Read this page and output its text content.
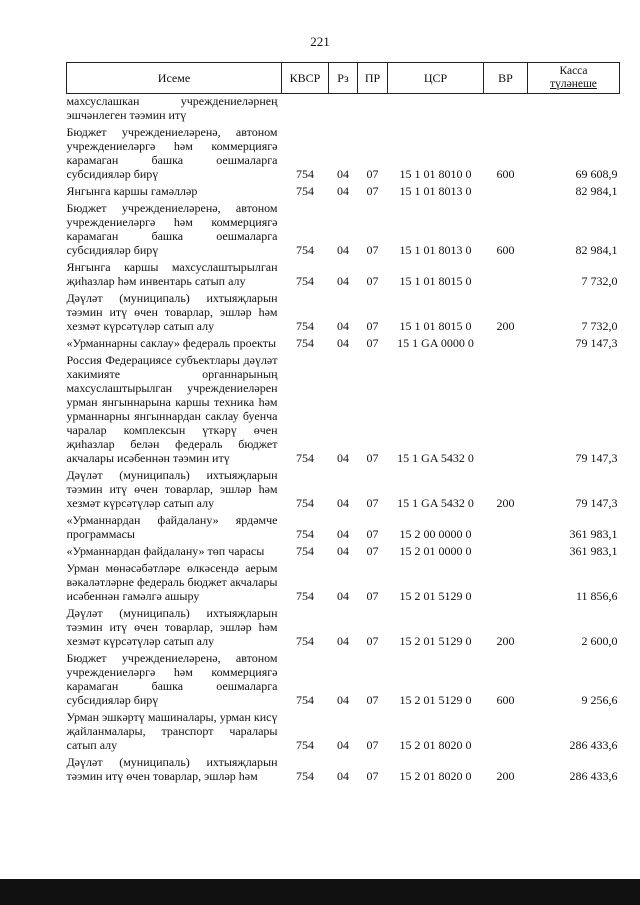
221
Исеме	КВСР	Рз	ПР	ЦСР	ВР	Касса
түләнеше

махсуслашкан учреждениеләрнең эшчәнлеген тәэмин итү						
Бюджет учреждениеләренә, автоном учреждениеләргә һәм коммерциягә карамаган башка оешмаларга субсидияләр бирү	754	04	07	15 1 01 8010 0	600	69 608,9
Янгынга каршы гамәлләр	754	04	07	15 1 01 8013 0		82 984,1
Бюджет учреждениеләренә, автоном учреждениеләргә һәм коммерциягә карамаган башка оешмаларга субсидияләр бирү	754	04	07	15 1 01 8013 0	600	82 984,1
Янгынга каршы махсуслаштырылган җиһазлар һәм инвентарь сатып алу	754	04	07	15 1 01 8015 0		7 732,0
Дәүләт (муниципаль) ихтыяҗларын тәэмин итү өчен товарлар, эшләр һәм хезмәт күрсәтүләр сатып алу	754	04	07	15 1 01 8015 0	200	7 732,0
«Урманнарны саклау» федераль проекты	754	04	07	15 1 GA 0000 0		79 147,3
Россия Федерациясе субъектлары дәүләт хакимияте органнарының махсуслаштырылган учреждениеләрен урман янгыннарына каршы техника һәм урманнарны янгыннардан саклау буенча чаралар комплексын үткәрү өчен җиһазлар белән федераль бюджет акчалары исәбеннән тәэмин итү	754	04	07	15 1 GA 5432 0		79 147,3
Дәүләт (муниципаль) ихтыяҗларын тәэмин итү өчен товарлар, эшләр һәм хезмәт күрсәтүләр сатып алу	754	04	07	15 1 GA 5432 0	200	79 147,3
«Урманнардан файдалану» ярдәмче программасы	754	04	07	15 2 00 0000 0		361 983,1
«Урманнардан файдалану» төп чарасы	754	04	07	15 2 01 0000 0		361 983,1
Урман мөнәсәбәтләре өлкәсендә аерым вәкаләтләрне федераль бюджет акчалары исәбеннән гамәлгә ашыру	754	04	07	15 2 01 5129 0		11 856,6
Дәүләт (муниципаль) ихтыяҗларын тәэмин итү өчен товарлар, эшләр һәм хезмәт күрсәтүләр сатып алу	754	04	07	15 2 01 5129 0	200	2 600,0
Бюджет учреждениеләренә, автоном учреждениеләргә һәм коммерциягә карамаган башка оешмаларга субсидияләр бирү	754	04	07	15 2 01 5129 0	600	9 256,6
Урман эшкәртү машиналары, урман кисү җайланмалары, транспорт чаралары сатып алу	754	04	07	15 2 01 8020 0		286 433,6
Дәүләт (муниципаль) ихтыяҗларын тәэмин итү өчен товарлар, эшләр һәм	754	04	07	15 2 01 8020 0	200	286 433,6
